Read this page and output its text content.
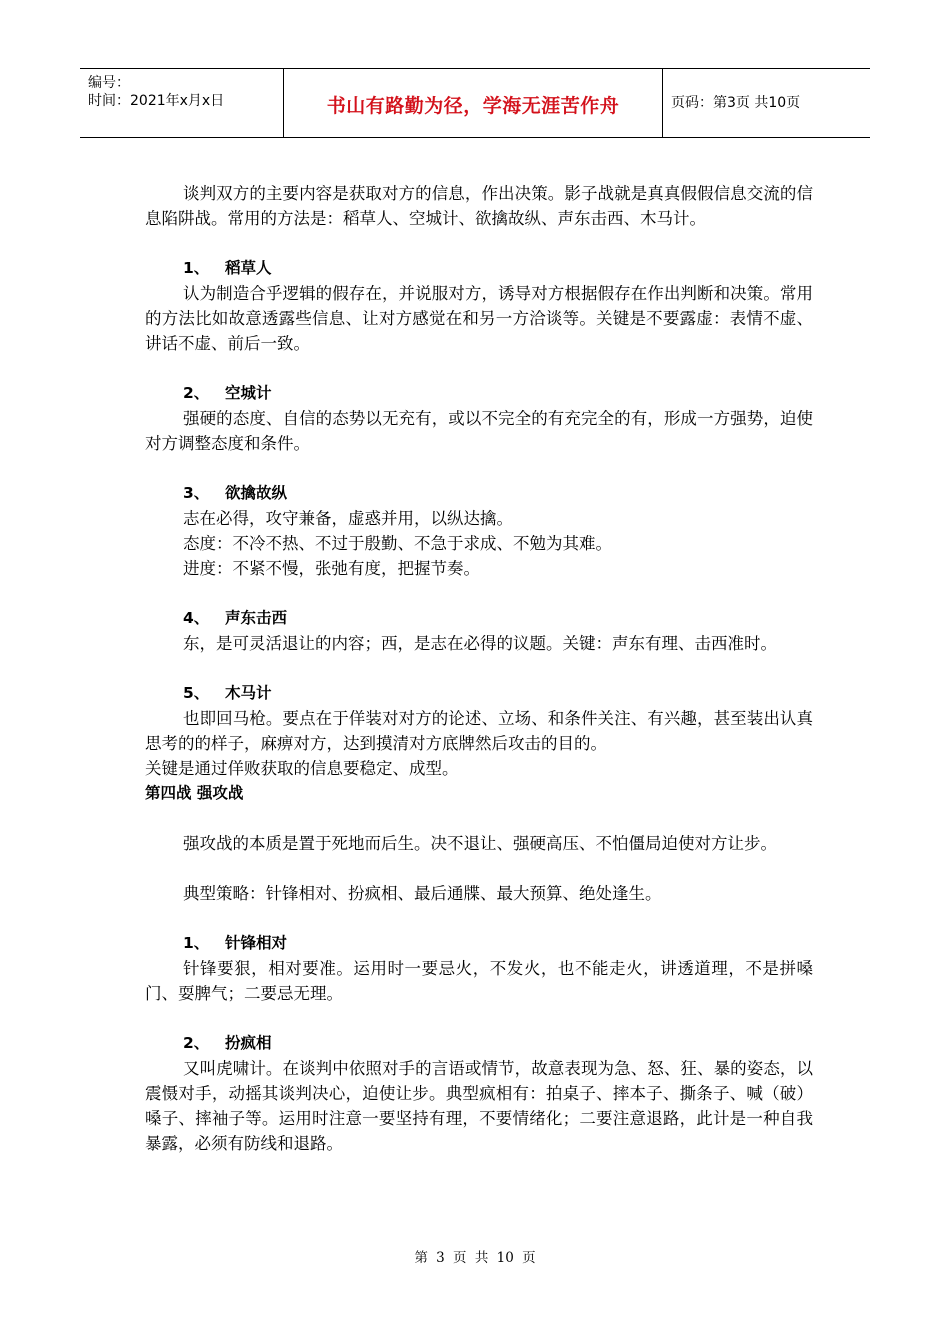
编号：
时间：2021年x月x日	书山有路勤为径，学海无涯苦作舟	页码：第3页 共10页

谈判双方的主要内容是获取对方的信息，作出决策。影子战就是真真假假信息交流的信息陷阱战。常用的方法是：稻草人、空城计、欲擒故纵、声东击西、木马计。

1、 稻草人

认为制造合乎逻辑的假存在，并说服对方，诱导对方根据假存在作出判断和决策。常用的方法比如故意透露些信息、让对方感觉在和另一方洽谈等。关键是不要露虚：表情不虚、讲话不虚、前后一致。

2、 空城计

强硬的态度、自信的态势以无充有，或以不完全的有充完全的有，形成一方强势，迫使对方调整态度和条件。

3、 欲擒故纵

志在必得，攻守兼备，虚惑并用，以纵达擒。

态度：不冷不热、不过于殷勤、不急于求成、不勉为其难。

进度：不紧不慢，张弛有度，把握节奏。

4、 声东击西

东，是可灵活退让的内容；西，是志在必得的议题。关键：声东有理、击西准时。

5、 木马计

也即回马枪。要点在于佯装对对方的论述、立场、和条件关注、有兴趣，甚至装出认真思考的的样子，麻痹对方，达到摸清对方底牌然后攻击的目的。

关键是通过佯败获取的信息要稳定、成型。

第四战 强攻战

强攻战的本质是置于死地而后生。决不退让、强硬高压、不怕僵局迫使对方让步。

典型策略：针锋相对、扮疯相、最后通牒、最大预算、绝处逢生。

1、 针锋相对

针锋要狠，相对要准。运用时一要忌火，不发火，也不能走火，讲透道理，不是拼嗓门、耍脾气；二要忌无理。

2、 扮疯相

又叫虎啸计。在谈判中依照对手的言语或情节，故意表现为急、怒、狂、暴的姿态，以震慑对手，动摇其谈判决心，迫使让步。典型疯相有：拍桌子、摔本子、撕条子、喊（破）嗓子、摔袖子等。运用时注意一要坚持有理，不要情绪化；二要注意退路，此计是一种自我暴露，必须有防线和退路。

第 3 页 共 10 页
